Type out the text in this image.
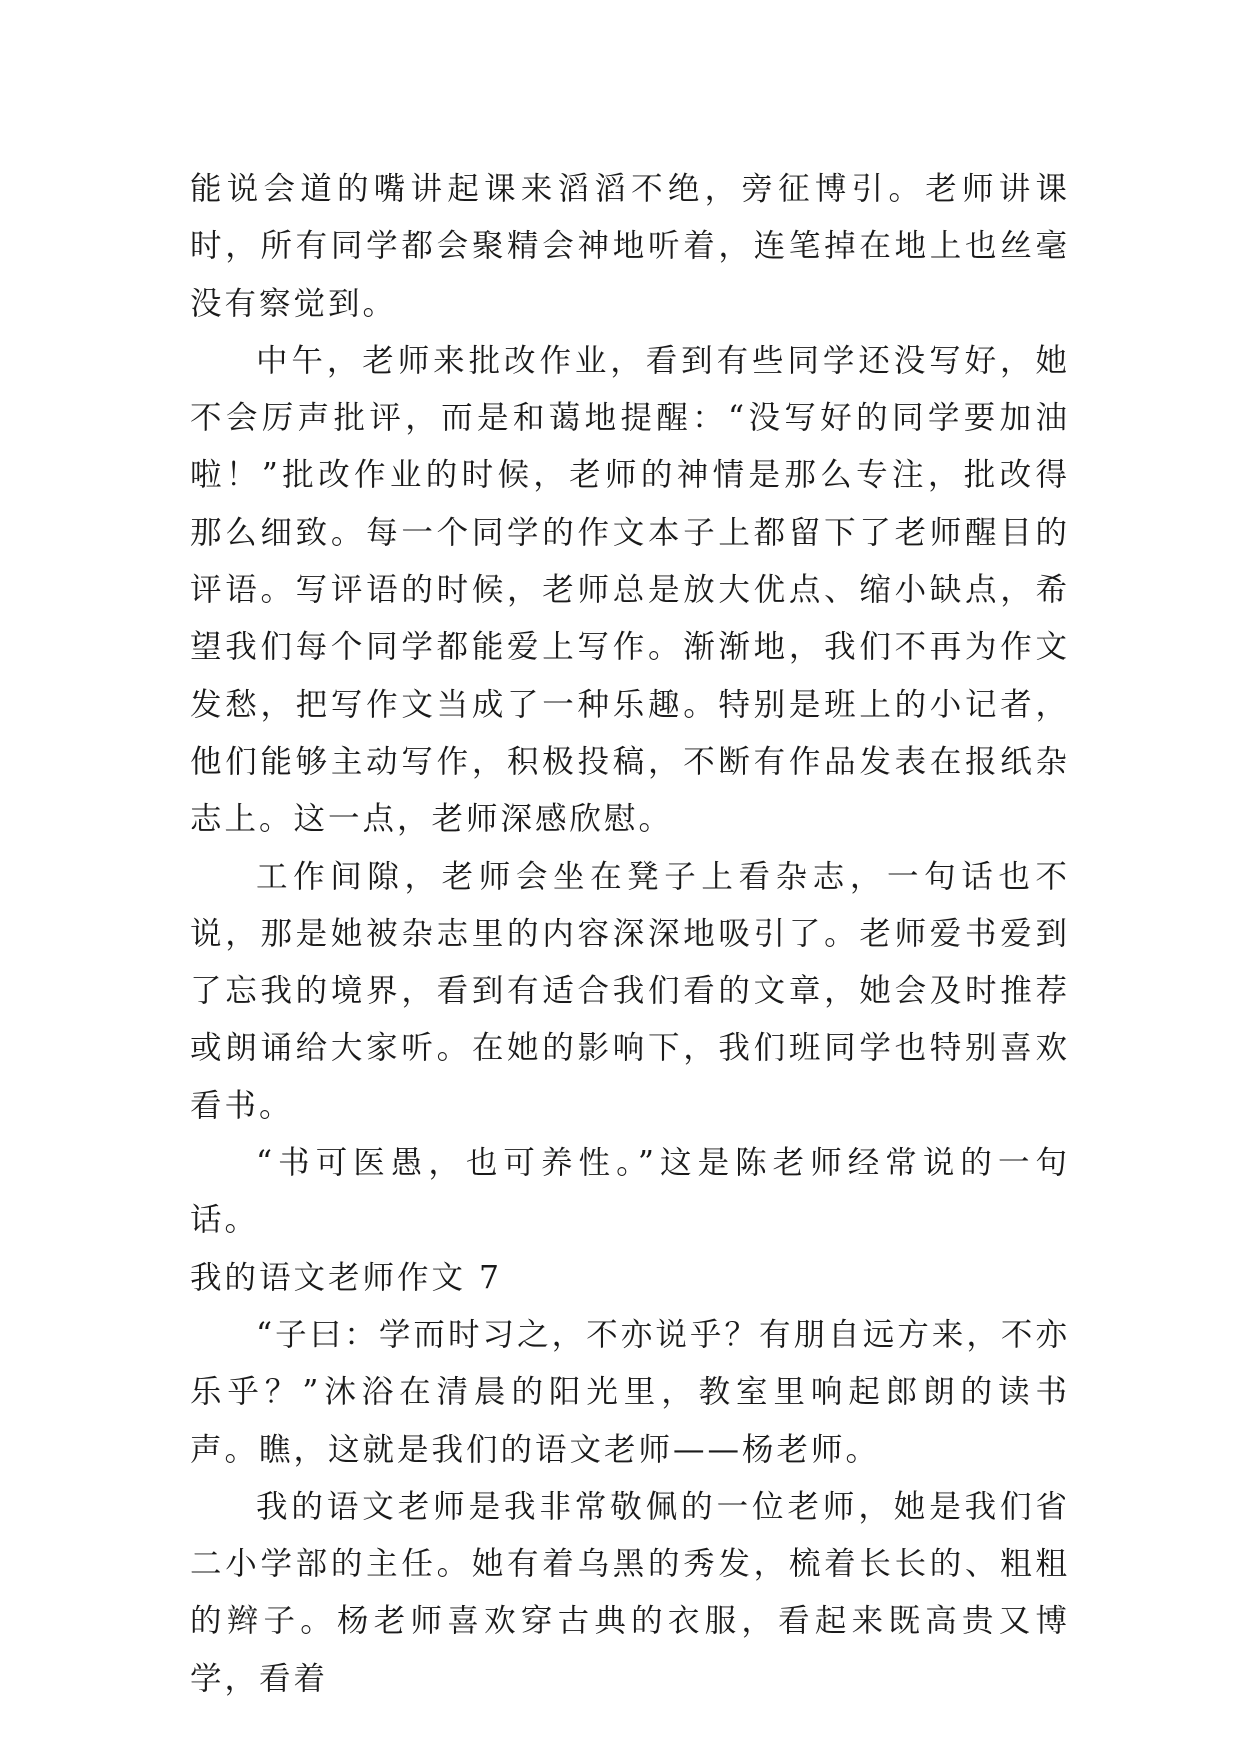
能说会道的嘴讲起课来滔滔不绝，旁征博引。老师讲课时，所有同学都会聚精会神地听着，连笔掉在地上也丝毫没有察觉到。

中午，老师来批改作业，看到有些同学还没写好，她不会厉声批评，而是和蔼地提醒：“没写好的同学要加油啦！”批改作业的时候，老师的神情是那么专注，批改得那么细致。每一个同学的作文本子上都留下了老师醒目的评语。写评语的时候，老师总是放大优点、缩小缺点，希望我们每个同学都能爱上写作。渐渐地，我们不再为作文发愁，把写作文当成了一种乐趣。特别是班上的小记者，他们能够主动写作，积极投稿，不断有作品发表在报纸杂志上。这一点，老师深感欣慰。

工作间隙，老师会坐在凳子上看杂志，一句话也不说，那是她被杂志里的内容深深地吸引了。老师爱书爱到了忘我的境界，看到有适合我们看的文章，她会及时推荐或朗诵给大家听。在她的影响下，我们班同学也特别喜欢看书。

“书可医愚，也可养性。”这是陈老师经常说的一句话。

我的语文老师作文 7

“子曰：学而时习之，不亦说乎？有朋自远方来，不亦乐乎？”沐浴在清晨的阳光里，教室里响起郎朗的读书声。瞧，这就是我们的语文老师——杨老师。

我的语文老师是我非常敬佩的一位老师，她是我们省二小学部的主任。她有着乌黑的秀发，梳着长长的、粗粗的辫子。杨老师喜欢穿古典的衣服，看起来既高贵又博学，看着
